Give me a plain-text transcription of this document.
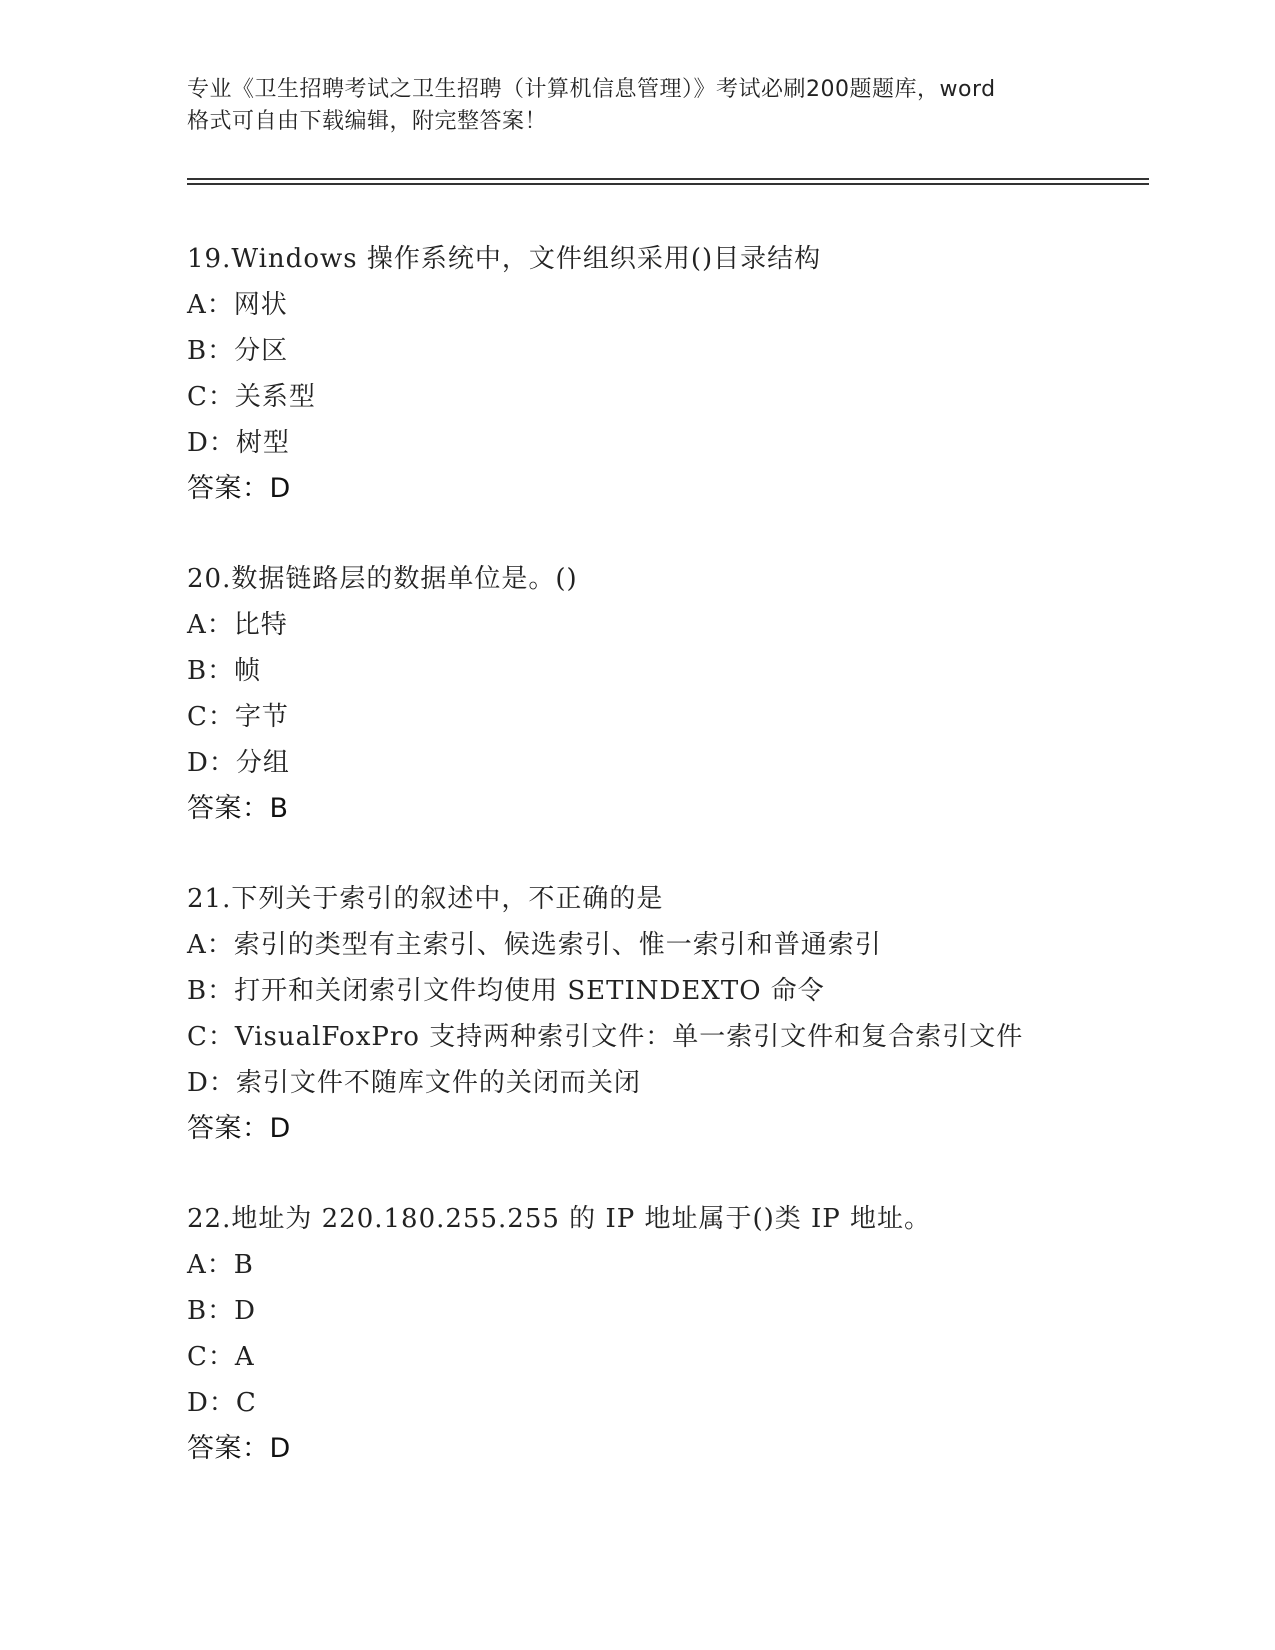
专业《卫生招聘考试之卫生招聘（计算机信息管理）》考试必刷200题题库，word
格式可自由下载编辑，附完整答案！
19.Windows 操作系统中，文件组织采用()目录结构
A：网状
B：分区
C：关系型
D：树型
答案：D
20.数据链路层的数据单位是。()
A：比特
B：帧
C：字节
D：分组
答案：B
21.下列关于索引的叙述中，不正确的是
A：索引的类型有主索引、候选索引、惟一索引和普通索引
B：打开和关闭索引文件均使用 SETINDEXTO 命令
C：VisualFoxPro 支持两种索引文件：单一索引文件和复合索引文件
D：索引文件不随库文件的关闭而关闭
答案：D
22.地址为 220.180.255.255 的 IP 地址属于()类 IP 地址。
A：B
B：D
C：A
D：C
答案：D
